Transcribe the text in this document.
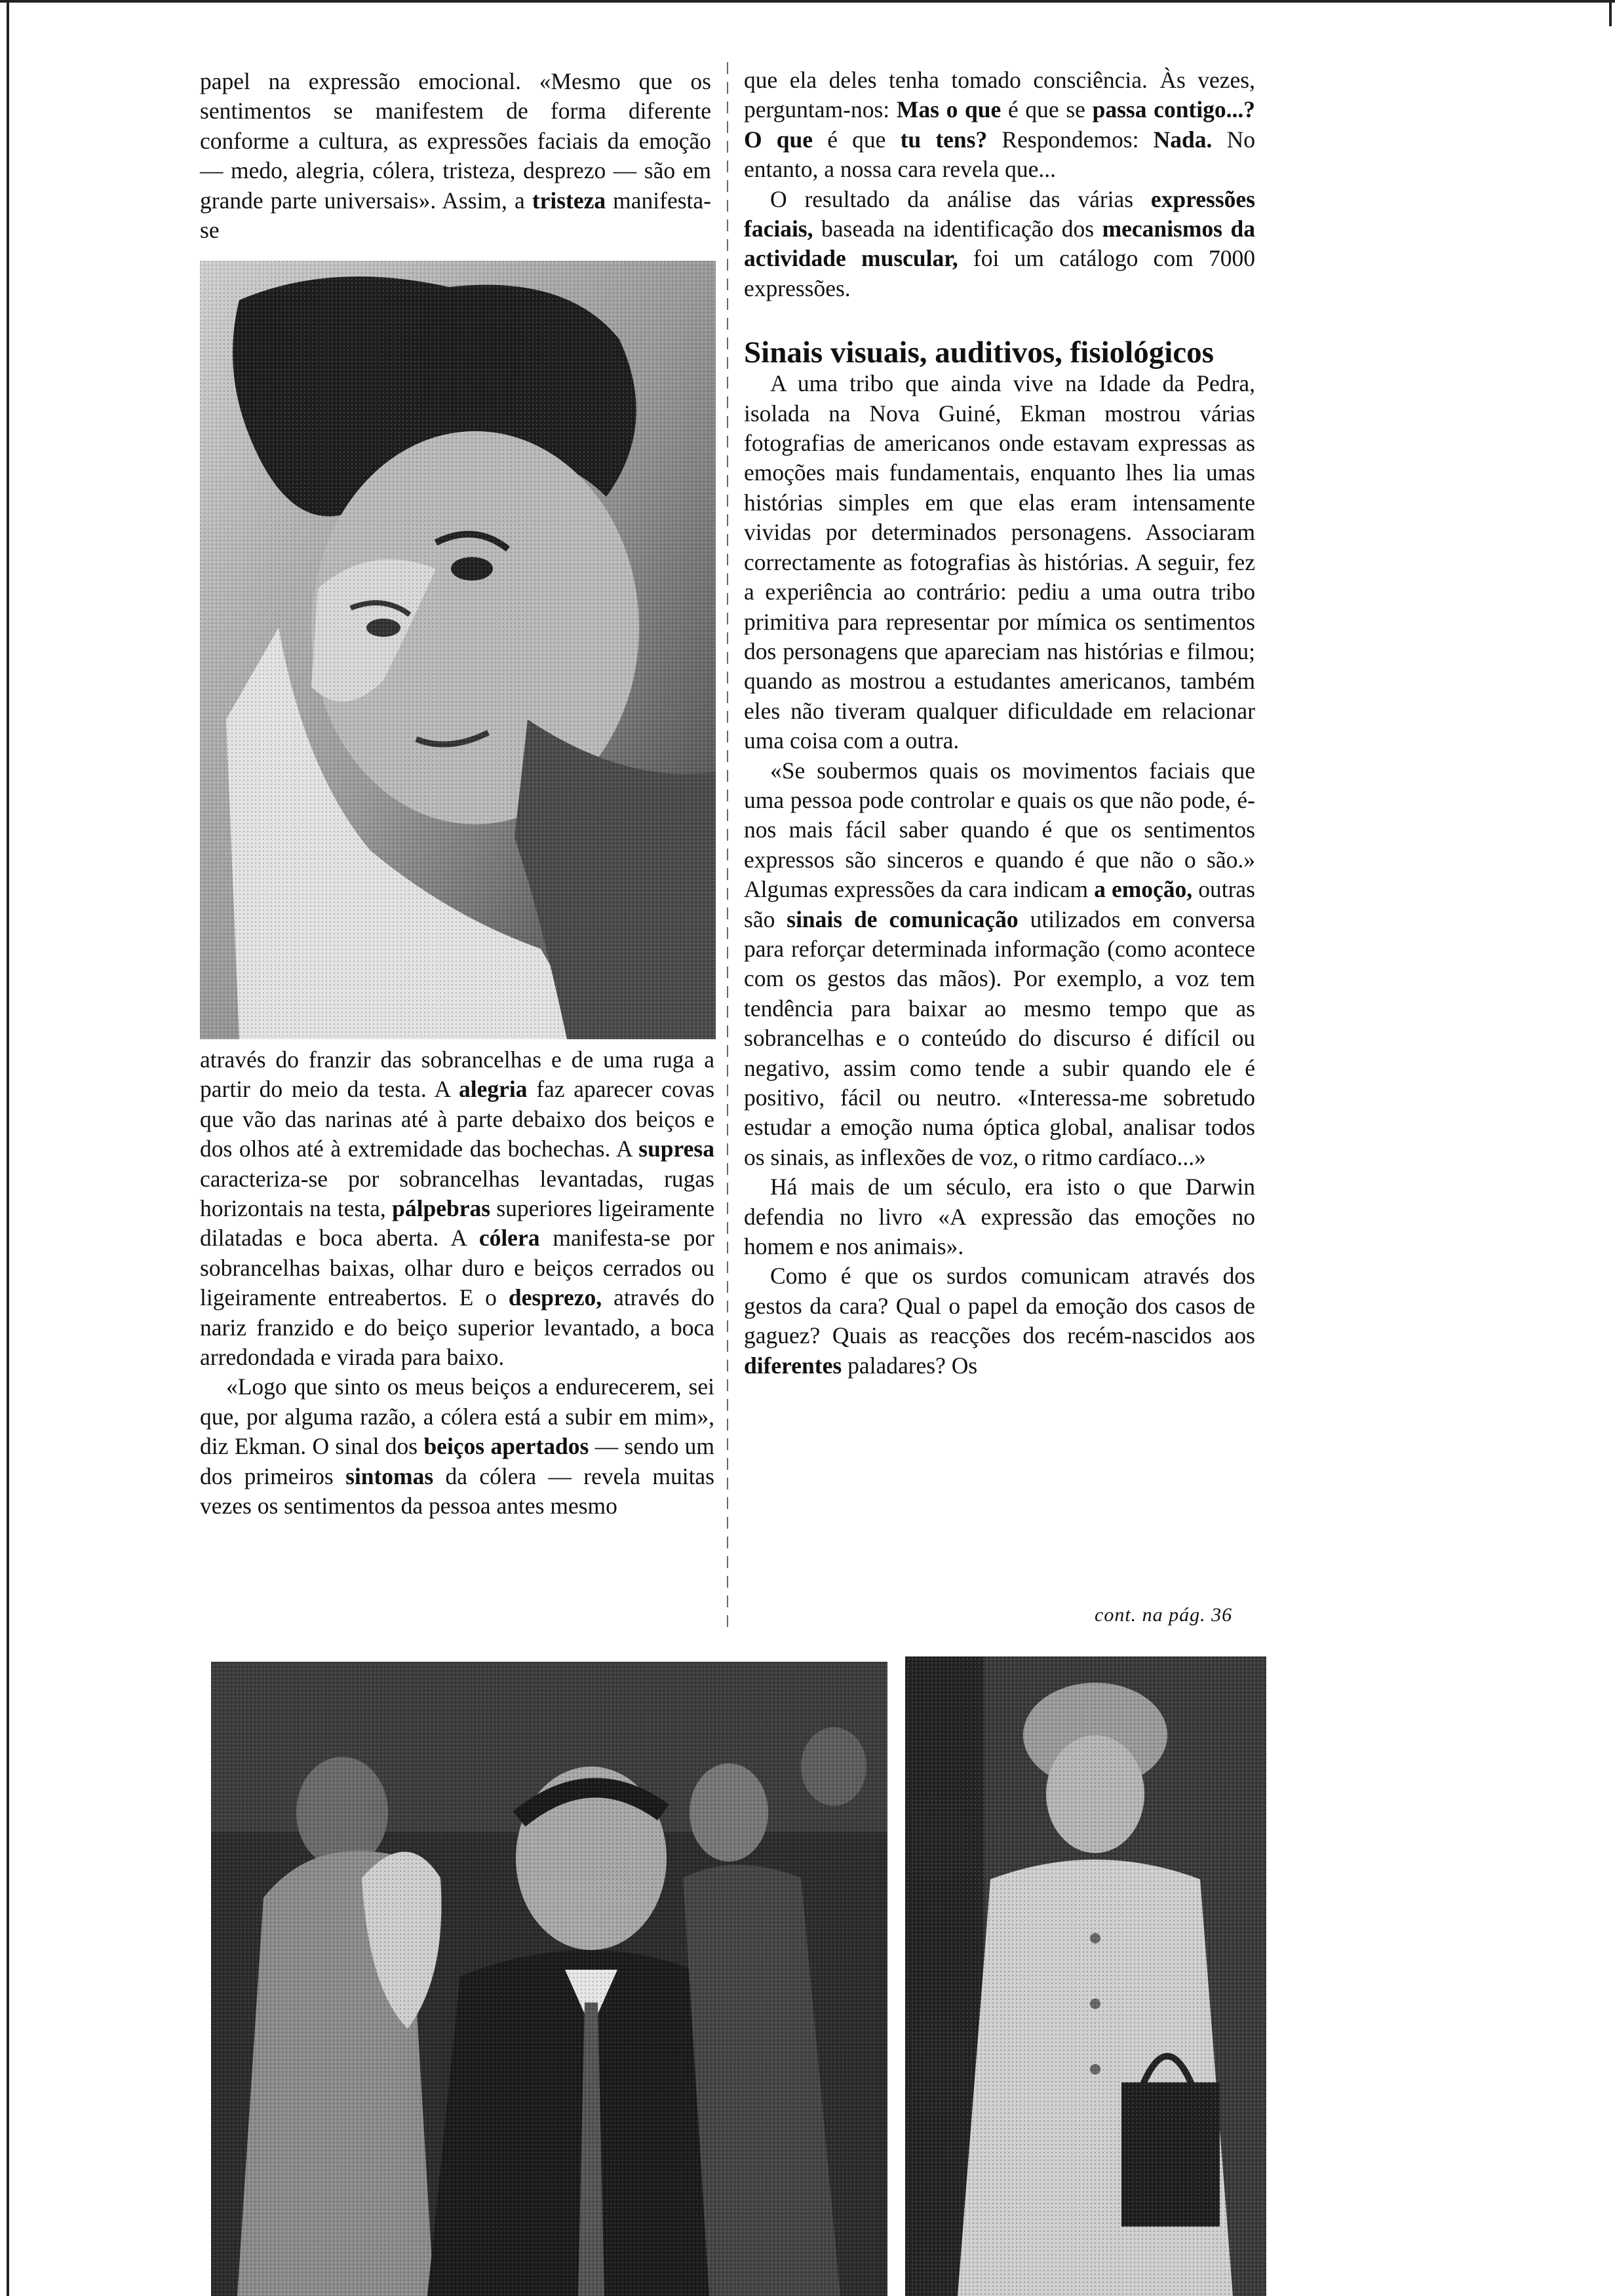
papel na expressão emocional. «Mesmo que os sentimentos se manifestem de forma diferente conforme a cultura, as expressões faciais da emoção — medo, alegria, cólera, tristeza, desprezo — são em grande parte universais». Assim, a tristeza manifesta-se

através do franzir das sobrancelhas e de uma ruga a partir do meio da testa. A alegria faz aparecer covas que vão das narinas até à parte debaixo dos beiços e dos olhos até à extremidade das bochechas. A supresa caracteriza-se por sobrancelhas levantadas, rugas horizontais na testa, pálpebras superiores ligeiramente dilatadas e boca aberta. A cólera manifesta-se por sobrancelhas baixas, olhar duro e beiços cerrados ou ligeiramente entreabertos. E o desprezo, através do nariz franzido e do beiço superior levantado, a boca arredondada e virada para baixo.

«Logo que sinto os meus beiços a endurecerem, sei que, por alguma razão, a cólera está a subir em mim», diz Ekman. O sinal dos beiços apertados — sendo um dos primeiros sintomas da cólera — revela muitas vezes os sentimentos da pessoa antes mesmo

que ela deles tenha tomado consciência. Às vezes, perguntam-nos: Mas o que é que se passa contigo...? O que é que tu tens? Respondemos: Nada. No entanto, a nossa cara revela que...

O resultado da análise das várias expressões faciais, baseada na identificação dos mecanismos da actividade muscular, foi um catálogo com 7000 expressões.

Sinais visuais, auditivos, fisiológicos

A uma tribo que ainda vive na Idade da Pedra, isolada na Nova Guiné, Ekman mostrou várias fotografias de americanos onde estavam expressas as emoções mais fundamentais, enquanto lhes lia umas histórias simples em que elas eram intensamente vividas por determinados personagens. Associaram correctamente as fotografias às histórias. A seguir, fez a experiência ao contrário: pediu a uma outra tribo primitiva para representar por mímica os sentimentos dos personagens que apareciam nas histórias e filmou; quando as mostrou a estudantes americanos, também eles não tiveram qualquer dificuldade em relacionar uma coisa com a outra.

«Se soubermos quais os movimentos faciais que uma pessoa pode controlar e quais os que não pode, é-nos mais fácil saber quando é que os sentimentos expressos são sinceros e quando é que não o são.» Algumas expressões da cara indicam a emoção, outras são sinais de comunicação utilizados em conversa para reforçar determinada informação (como acontece com os gestos das mãos). Por exemplo, a voz tem tendência para baixar ao mesmo tempo que as sobrancelhas e o conteúdo do discurso é difícil ou negativo, assim como tende a subir quando ele é positivo, fácil ou neutro. «Interessa-me sobretudo estudar a emoção numa óptica global, analisar todos os sinais, as inflexões de voz, o ritmo cardíaco...»

Há mais de um século, era isto o que Darwin defendia no livro «A expressão das emoções no homem e nos animais».

Como é que os surdos comunicam através dos gestos da cara? Qual o papel da emoção dos casos de gaguez? Quais as reacções dos recém-nascidos aos diferentes paladares? Os

cont. na pág. 36
